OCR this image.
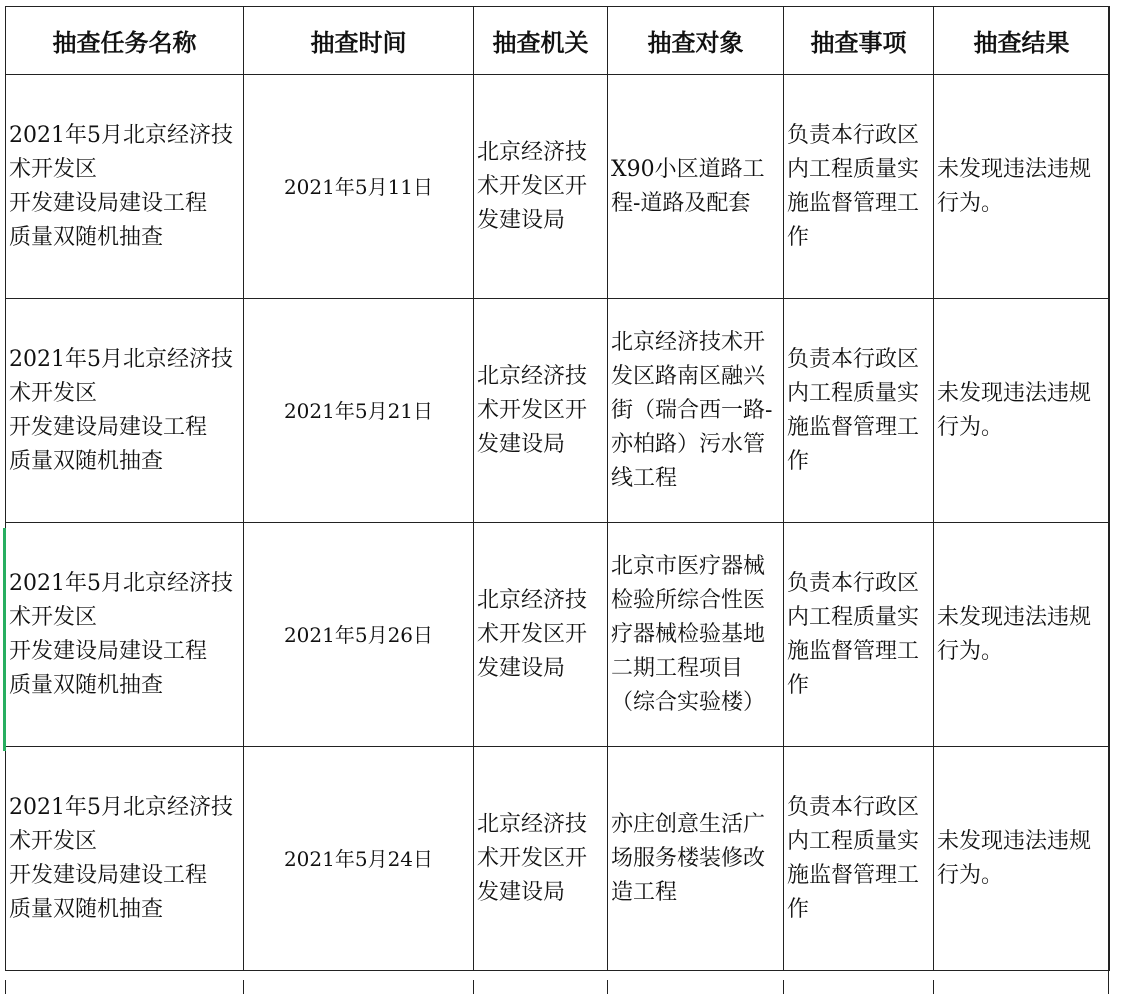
抽查任务名称	抽查时间	抽查机关	抽查对象	抽查事项	抽查结果

2021年5月北京经济技
术开发区
开发建设局建设工程
质量双随机抽查	2021年5月11日	北京经济技术开发区开发建设局	X90小区道路工程-道路及配套	负责本行政区内工程质量实施监督管理工作	未发现违法违规行为。

2021年5月北京经济技
术开发区
开发建设局建设工程
质量双随机抽查	2021年5月21日	北京经济技术开发区开发建设局	北京经济技术开发区路南区融兴街（瑞合西一路-亦柏路）污水管线工程	负责本行政区内工程质量实施监督管理工作	未发现违法违规行为。

2021年5月北京经济技
术开发区
开发建设局建设工程
质量双随机抽查	2021年5月26日	北京经济技术开发区开发建设局	北京市医疗器械检验所综合性医疗器械检验基地二期工程项目（综合实验楼）	负责本行政区内工程质量实施监督管理工作	未发现违法违规行为。

2021年5月北京经济技
术开发区
开发建设局建设工程
质量双随机抽查	2021年5月24日	北京经济技术开发区开发建设局	亦庄创意生活广场服务楼装修改造工程	负责本行政区内工程质量实施监督管理工作	未发现违法违规行为。
